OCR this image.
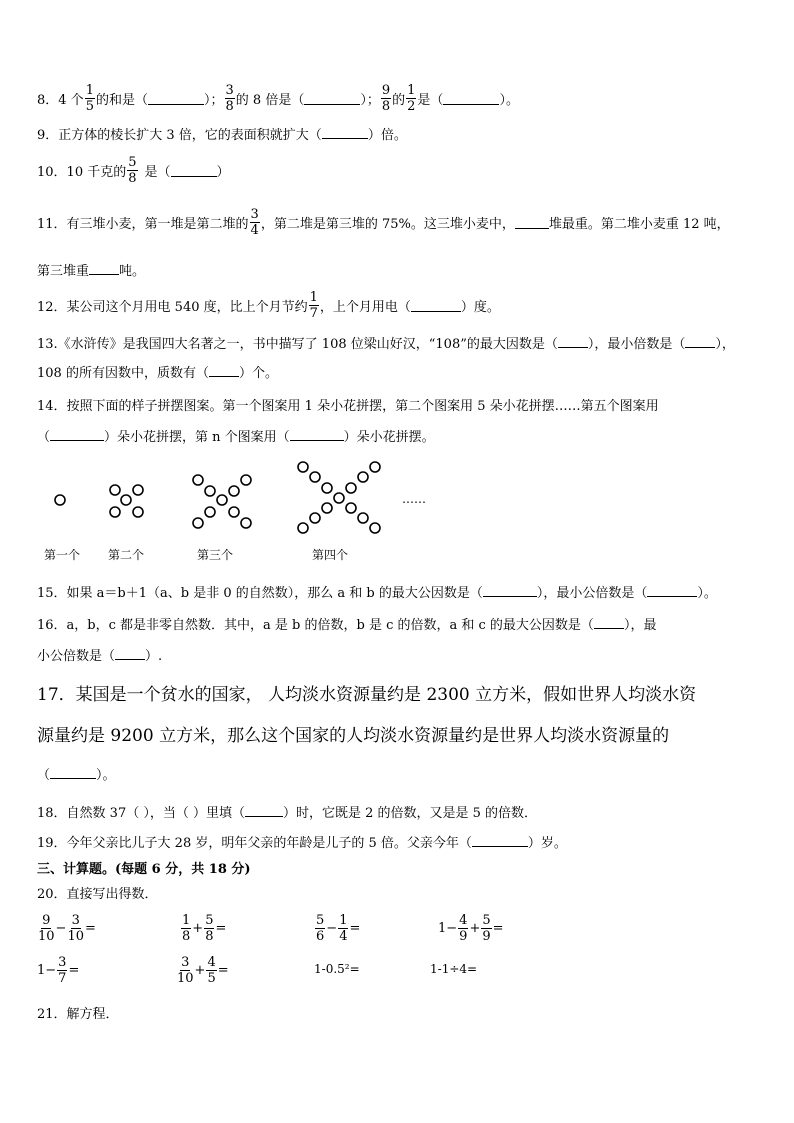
8． 4 个 $\frac{1}{5}$ 的和是（	）； $\frac{3}{8}$ 的 8 倍是（	）； $\frac{9}{8}$ 的 $\frac{1}{2}$ 是（	）。
9．正方体的棱长扩大 3 倍，它的表面积就扩大（	）倍。
10．10 千克的 $\frac{5}{8}$ 是（	）
11．有三堆小麦，第一堆是第二堆的 $\frac{3}{4}$ ，第二堆是第三堆的 75%。这三堆小麦中，	堆最重。第二堆小麦重 12 吨，
第三堆重 吨。
12．某公司这个月用电 540 度，比上个月节约 $\frac{1}{7}$ ，上个月用电（	）度。
13.《水浒传》是我国四大名著之一，书中描写了 108 位梁山好汉，“108”的最大因数是（ ），最小倍数是（ ），
108 的所有因数中，质数有（ ）个。
14．按照下面的样子拼摆图案。第一个图案用 1 朵小花拼摆，第二个图案用 5 朵小花拼摆……第五个图案用
（	）朵小花拼摆，第 n 个图案用（	）朵小花拼摆。
……
第一个 第二个	第三个	第四个
15．如果 a＝b＋1（a、b 是非 0 的自然数），那么 a 和 b 的最大公因数是（	），最小公倍数是（	）。
16．a，b，c 都是非零自然数．其中，a 是 b 的倍数，b 是 c 的倍数，a 和 c 的最大公因数是（ ），最
小公倍数是（ ）.
17．某国是一个贫水的国家， 人均淡水资源量约是 2300 立方米，假如世界人均淡水资
源量约是 9200 立方米，那么这个国家的人均淡水资源量约是世界人均淡水资源量的
（	）。
18．自然数 37（ ），当（ ）里填（	）时，它既是 2 的倍数，又是是 5 的倍数．
19．今年父亲比儿子大 28 岁，明年父亲的年龄是儿子的 5 倍。父亲今年（	）岁。
三、计算题。(每题 6 分，共 18 分)
20．直接写出得数．
$\frac{9}{10} - \frac{3}{10}$ =	$\frac{1}{8} + \frac{5}{8}$ =	$\frac{5}{6} - \frac{1}{4}$ =	$1- \frac{4}{9} + \frac{5}{9}$ =
$1- \frac{3}{7}$ =	$\frac{3}{10} + \frac{4}{5}$ =	1-0.5²=	1-1÷4=
21．解方程．
